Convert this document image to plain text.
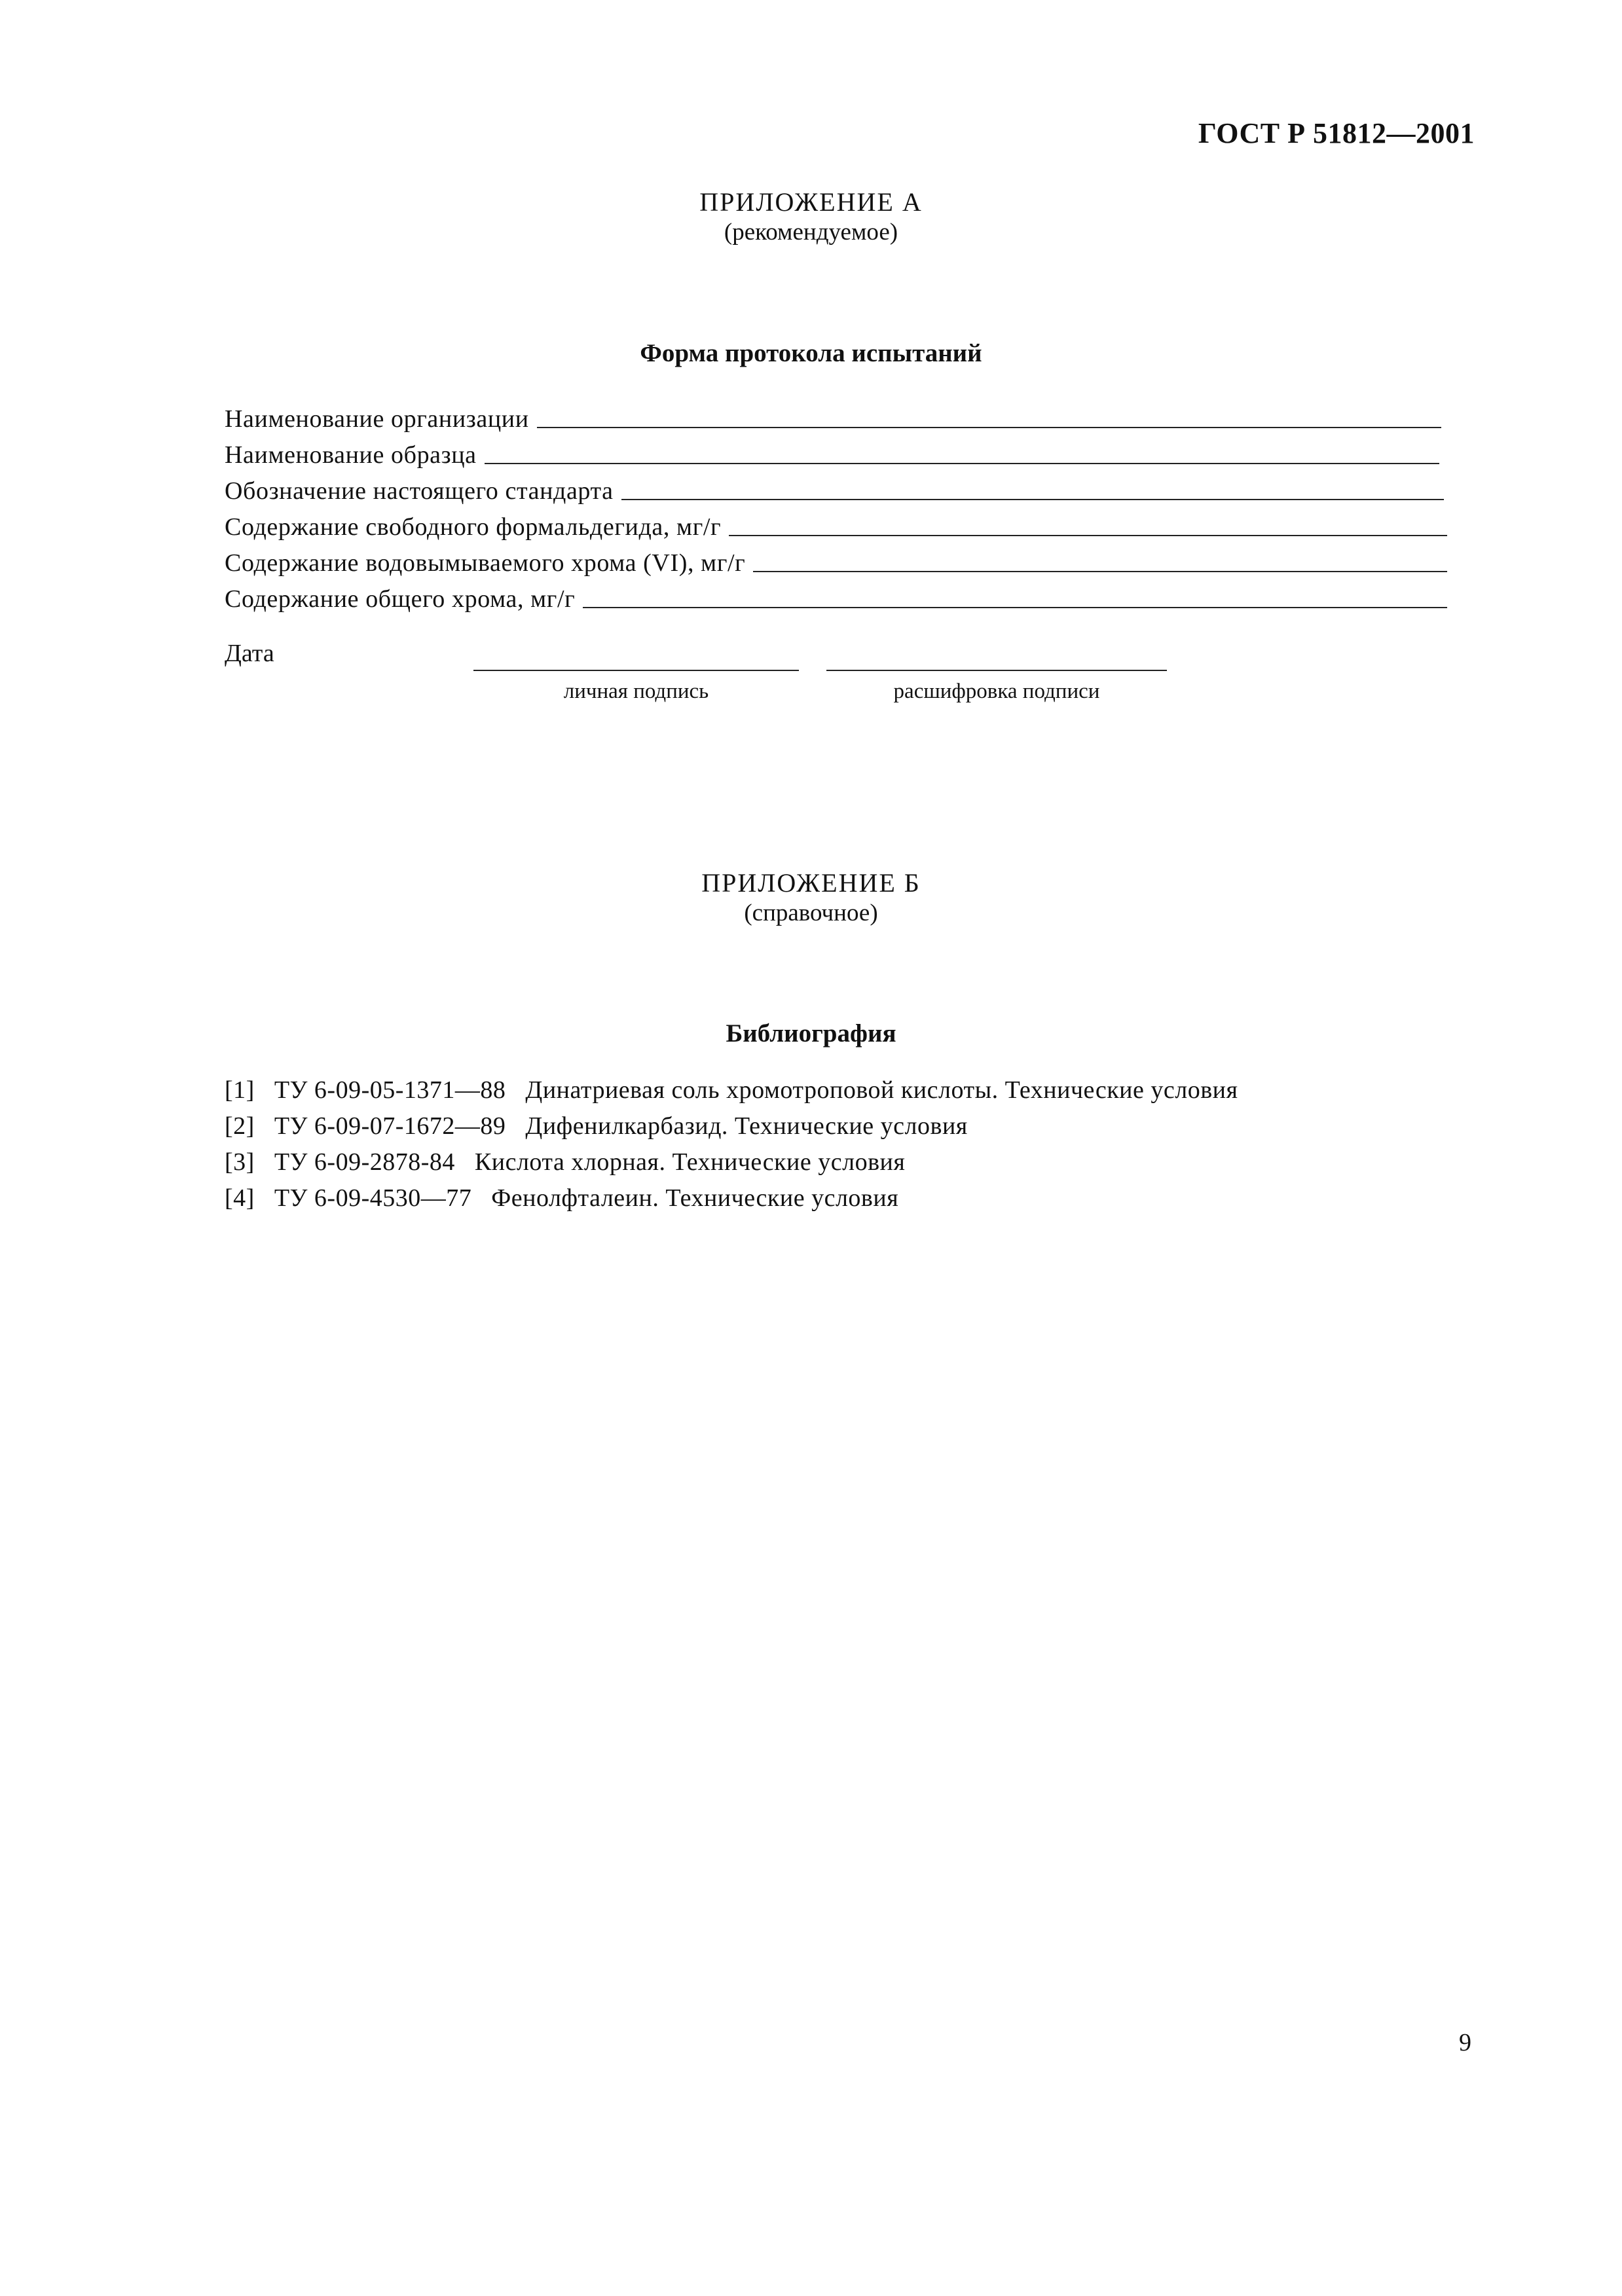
ГОСТ Р 51812—2001
ПРИЛОЖЕНИЕ А
(рекомендуемое)
Форма протокола испытаний
Наименование организации
Наименование образца
Обозначение настоящего стандарта
Содержание свободного формальдегида, мг/г
Содержание водовымываемого хрома (VI), мг/г
Содержание общего хрома, мг/г
Дата
личная подпись	расшифровка подписи
ПРИЛОЖЕНИЕ Б
(справочное)
Библиография
[1] ТУ 6-09-05-1371—88 Динатриевая соль хромотроповой кислоты. Технические условия
[2] ТУ 6-09-07-1672—89 Дифенилкарбазид. Технические условия
[3] ТУ 6-09-2878-84 Кислота хлорная. Технические условия
[4] ТУ 6-09-4530—77 Фенолфталеин. Технические условия
9
